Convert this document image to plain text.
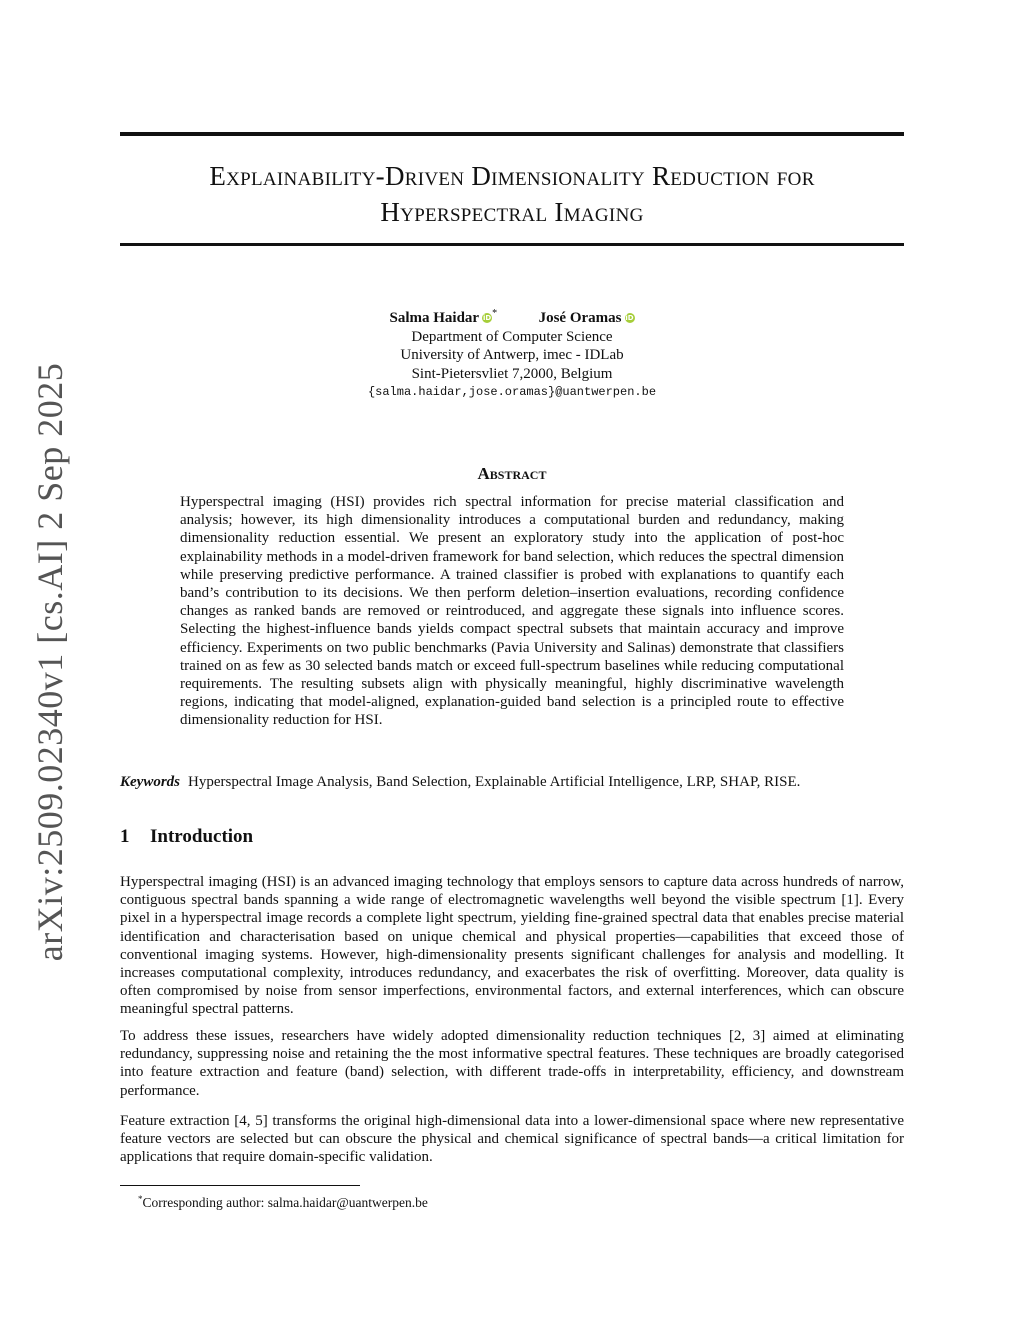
arXiv:2509.02340v1 [cs.AI] 2 Sep 2025
Explainability-Driven Dimensionality Reduction for
Hyperspectral Imaging
Salma Haidar iD*	José Oramas iD
Department of Computer Science
University of Antwerp, imec - IDLab
Sint-Pietersvliet 7,2000, Belgium
{salma.haidar,jose.oramas}@uantwerpen.be
Abstract
Hyperspectral imaging (HSI) provides rich spectral information for precise material classification and analysis; however, its high dimensionality introduces a computational burden and redundancy, making dimensionality reduction essential. We present an exploratory study into the application of post-hoc explainability methods in a model-driven framework for band selection, which reduces the spectral dimension while preserving predictive performance. A trained classifier is probed with explanations to quantify each band’s contribution to its decisions. We then perform deletion–insertion evaluations, recording confidence changes as ranked bands are removed or reintroduced, and aggregate these signals into influence scores. Selecting the highest-influence bands yields compact spectral subsets that maintain accuracy and improve efficiency. Experiments on two public benchmarks (Pavia University and Salinas) demonstrate that classifiers trained on as few as 30 selected bands match or exceed full-spectrum baselines while reducing computational requirements. The resulting subsets align with physically meaningful, highly discriminative wavelength regions, indicating that model-aligned, explanation-guided band selection is a principled route to effective dimensionality reduction for HSI.
Keywords Hyperspectral Image Analysis, Band Selection, Explainable Artificial Intelligence, LRP, SHAP, RISE.
1 Introduction
Hyperspectral imaging (HSI) is an advanced imaging technology that employs sensors to capture data across hundreds of narrow, contiguous spectral bands spanning a wide range of electromagnetic wavelengths well beyond the visible spectrum [1]. Every pixel in a hyperspectral image records a complete light spectrum, yielding fine-grained spectral data that enables precise material identification and characterisation based on unique chemical and physical properties—capabilities that exceed those of conventional imaging systems. However, high-dimensionality presents significant challenges for analysis and modelling. It increases computational complexity, introduces redundancy, and exacerbates the risk of overfitting. Moreover, data quality is often compromised by noise from sensor imperfections, environmental factors, and external interferences, which can obscure meaningful spectral patterns.
To address these issues, researchers have widely adopted dimensionality reduction techniques [2, 3] aimed at eliminating redundancy, suppressing noise and retaining the the most informative spectral features. These techniques are broadly categorised into feature extraction and feature (band) selection, with different trade-offs in interpretability, efficiency, and downstream performance.
Feature extraction [4, 5] transforms the original high-dimensional data into a lower-dimensional space where new representative feature vectors are selected but can obscure the physical and chemical significance of spectral bands—a critical limitation for applications that require domain-specific validation.
*Corresponding author: salma.haidar@uantwerpen.be
